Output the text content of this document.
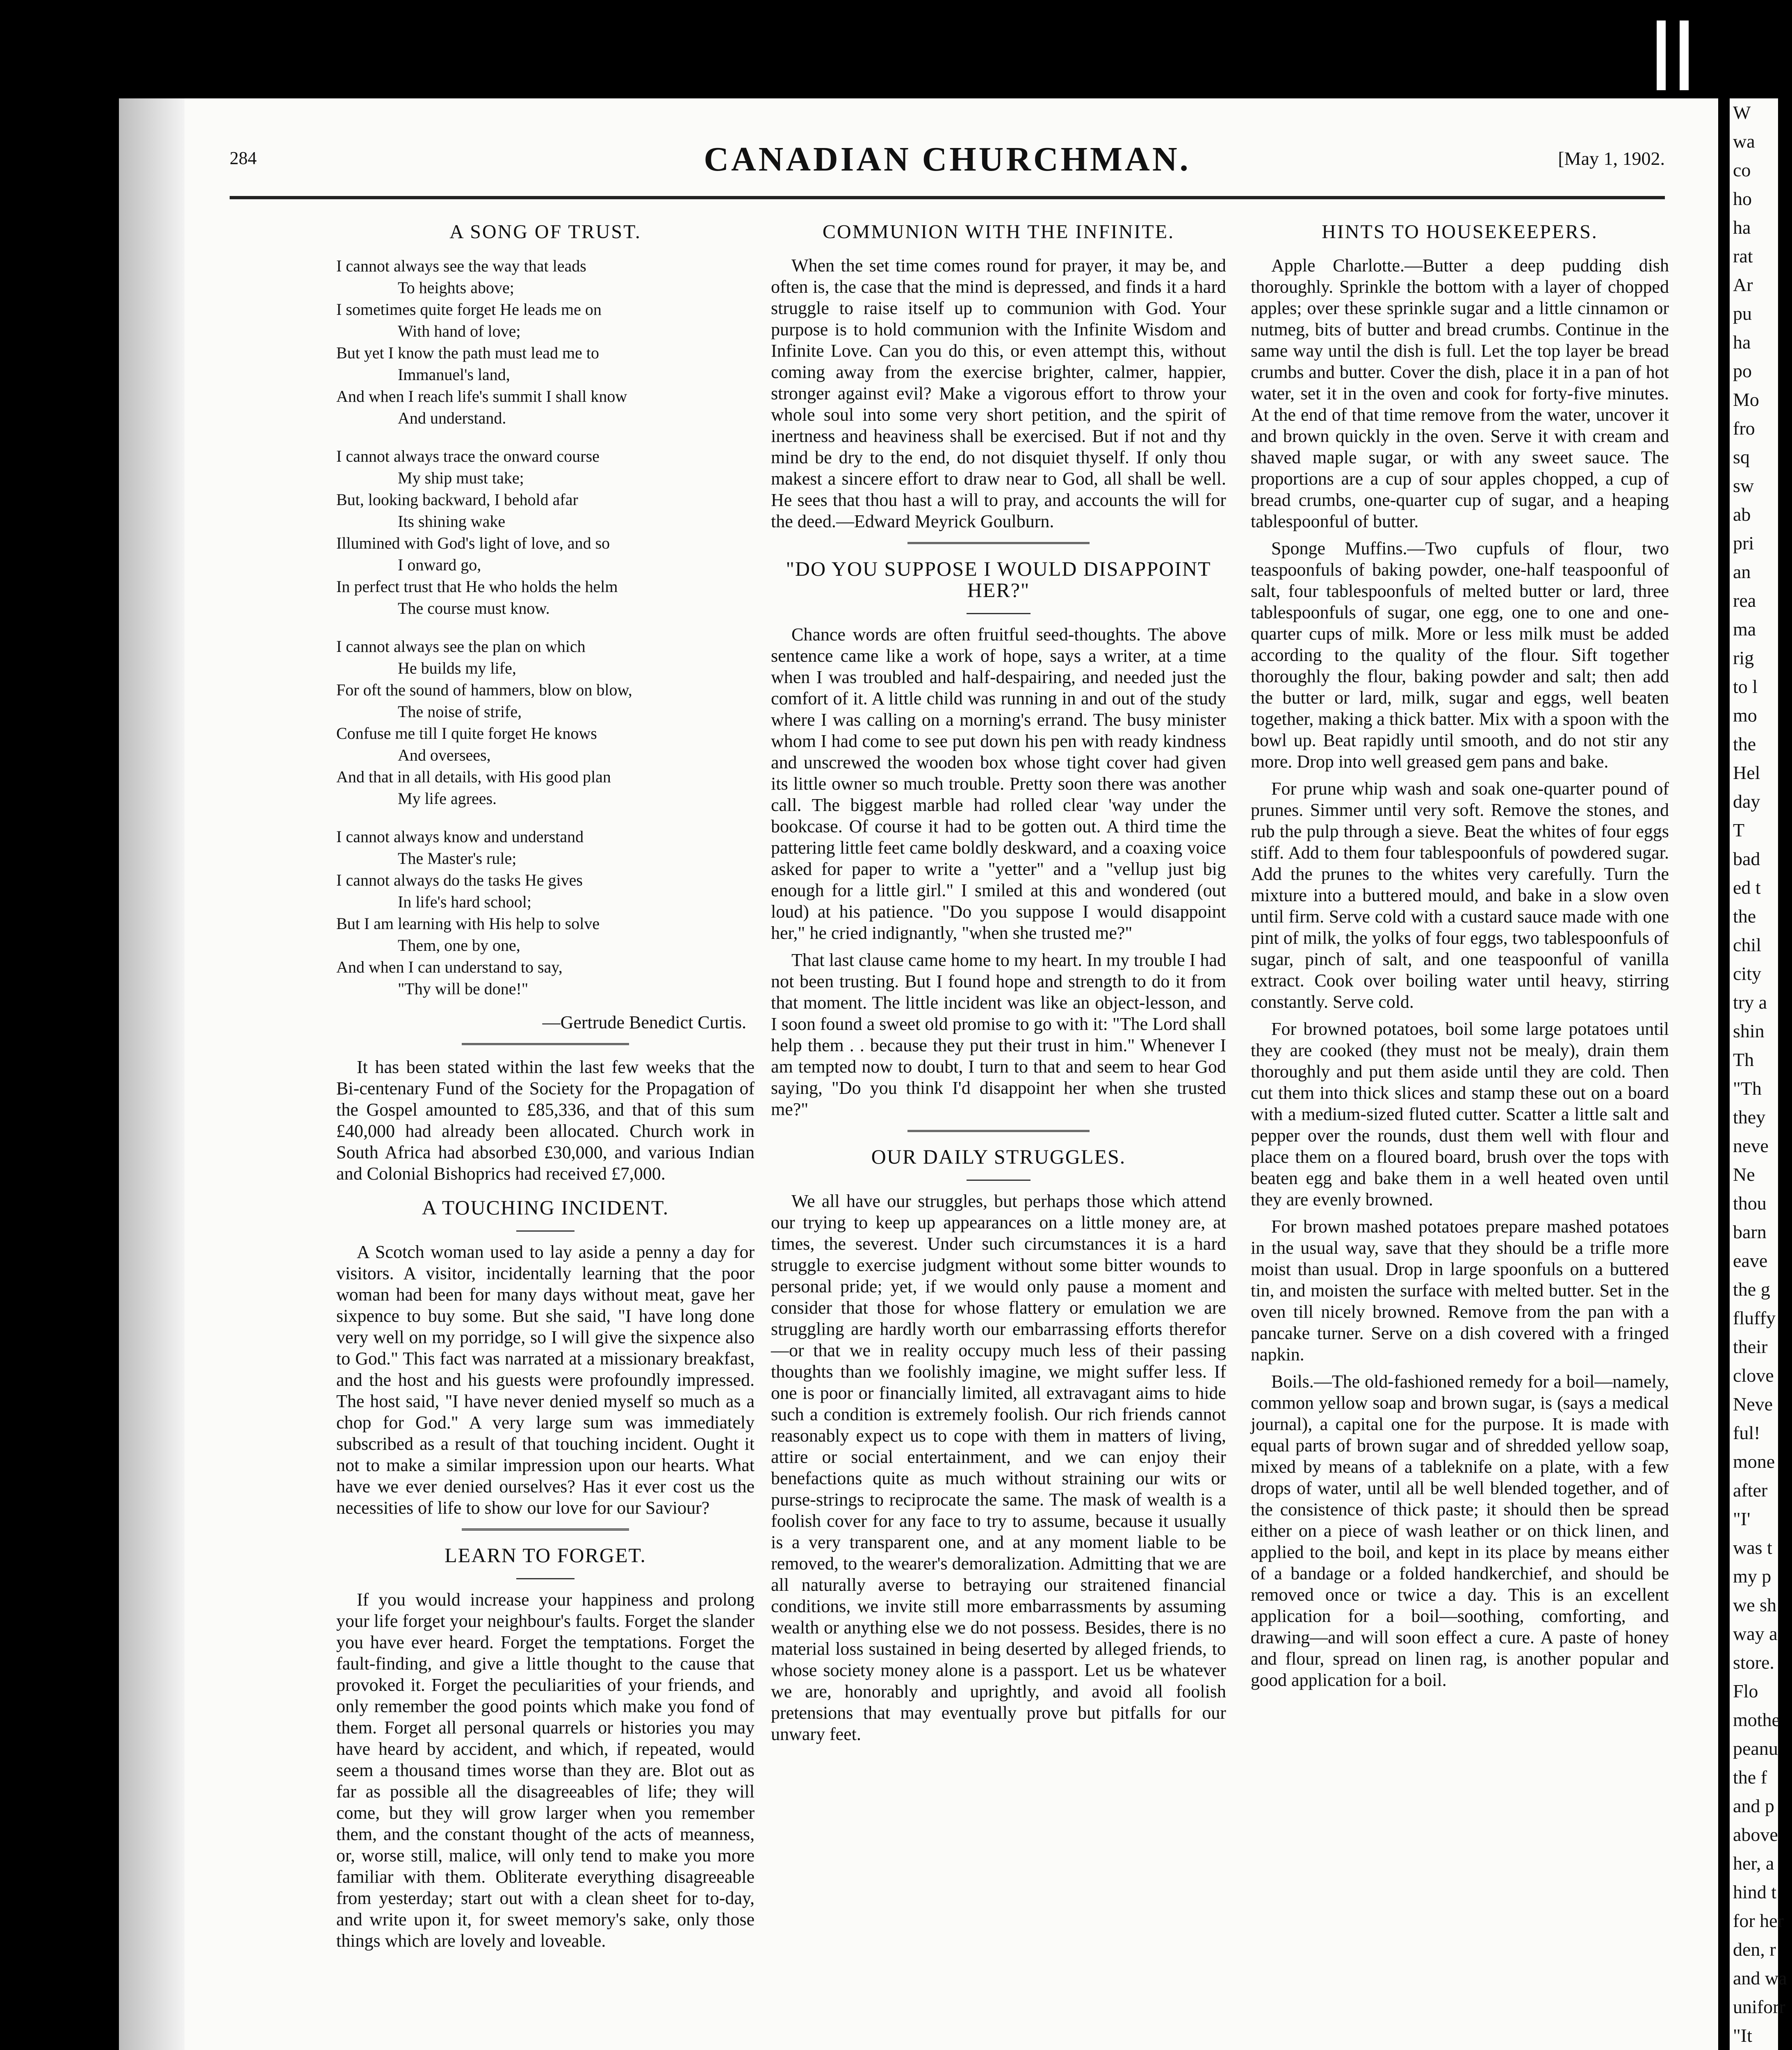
W
wa
co
ho
ha
rat
Ar
pu
ha
po
Mo
fro
sq
sw
ab
pri
an
rea
ma
rig
to l
mo
the
Hel
day
T
bad
ed t
the
chil
city
try a
shin
Th
"Th
they
neve
Ne
thou
barn
eave
the g
fluffy
their
clove
Neve
ful!
mone
after
"I'
was t
my p
we sh
way a
store.
Flo
mothe
peanu
the f
and p
above
her, a
hind t
for her
den, r
and wa
uniforr
"It
284	CANADIAN CHURCHMAN.	[May 1, 1902.
A SONG OF TRUST.
I cannot always see the way that leads
To heights above;
I sometimes quite forget He leads me on
With hand of love;
But yet I know the path must lead me to
Immanuel's land,
And when I reach life's summit I shall know
And understand.
I cannot always trace the onward course
My ship must take;
But, looking backward, I behold afar
Its shining wake
Illumined with God's light of love, and so
I onward go,
In perfect trust that He who holds the helm
The course must know.
I cannot always see the plan on which
He builds my life,
For oft the sound of hammers, blow on blow,
The noise of strife,
Confuse me till I quite forget He knows
And oversees,
And that in all details, with His good plan
My life agrees.
I cannot always know and understand
The Master's rule;
I cannot always do the tasks He gives
In life's hard school;
But I am learning with His help to solve
Them, one by one,
And when I can understand to say,
"Thy will be done!"
—Gertrude Benedict Curtis.

It has been stated within the last few weeks that the Bi-centenary Fund of the Society for the Propagation of the Gospel amounted to £85,336, and that of this sum £40,000 had already been allocated. Church work in South Africa had absorbed £30,000, and various Indian and Colonial Bishoprics had received £7,000.

A TOUCHING INCIDENT.

A Scotch woman used to lay aside a penny a day for visitors. A visitor, incidentally learning that the poor woman had been for many days without meat, gave her sixpence to buy some. But she said, "I have long done very well on my porridge, so I will give the sixpence also to God." This fact was narrated at a missionary breakfast, and the host and his guests were profoundly impressed. The host said, "I have never denied myself so much as a chop for God." A very large sum was immediately subscribed as a result of that touching incident. Ought it not to make a similar impression upon our hearts. What have we ever denied ourselves? Has it ever cost us the necessities of life to show our love for our Saviour?

LEARN TO FORGET.

If you would increase your happiness and prolong your life forget your neighbour's faults. Forget the slander you have ever heard. Forget the temptations. Forget the fault-finding, and give a little thought to the cause that provoked it. Forget the peculiarities of your friends, and only remember the good points which make you fond of them. Forget all personal quarrels or histories you may have heard by accident, and which, if repeated, would seem a thousand times worse than they are. Blot out as far as possible all the disagreeables of life; they will come, but they will grow larger when you remember them, and the constant thought of the acts of meanness, or, worse still, malice, will only tend to make you more familiar with them. Obliterate everything disagreeable from yesterday; start out with a clean sheet for to-day, and write upon it, for sweet memory's sake, only those things which are lovely and loveable.

COMMUNION WITH THE INFINITE.

When the set time comes round for prayer, it may be, and often is, the case that the mind is depressed, and finds it a hard struggle to raise itself up to communion with God. Your purpose is to hold communion with the Infinite Wisdom and Infinite Love. Can you do this, or even attempt this, without coming away from the exercise brighter, calmer, happier, stronger against evil? Make a vigorous effort to throw your whole soul into some very short petition, and the spirit of inertness and heaviness shall be exercised. But if not and thy mind be dry to the end, do not disquiet thyself. If only thou makest a sincere effort to draw near to God, all shall be well. He sees that thou hast a will to pray, and accounts the will for the deed.—Edward Meyrick Goulburn.

"DO YOU SUPPOSE I WOULD DISAPPOINT HER?"

Chance words are often fruitful seed-thoughts. The above sentence came like a work of hope, says a writer, at a time when I was troubled and half-despairing, and needed just the comfort of it. A little child was running in and out of the study where I was calling on a morning's errand. The busy minister whom I had come to see put down his pen with ready kindness and unscrewed the wooden box whose tight cover had given its little owner so much trouble. Pretty soon there was another call. The biggest marble had rolled clear 'way under the bookcase. Of course it had to be gotten out. A third time the pattering little feet came boldly deskward, and a coaxing voice asked for paper to write a "yetter" and a "vellup just big enough for a little girl." I smiled at this and wondered (out loud) at his patience. "Do you suppose I would disappoint her," he cried indignantly, "when she trusted me?"

That last clause came home to my heart. In my trouble I had not been trusting. But I found hope and strength to do it from that moment. The little incident was like an object-lesson, and I soon found a sweet old promise to go with it: "The Lord shall help them . . because they put their trust in him." Whenever I am tempted now to doubt, I turn to that and seem to hear God saying, "Do you think I'd disappoint her when she trusted me?"

OUR DAILY STRUGGLES.

We all have our struggles, but perhaps those which attend our trying to keep up appearances on a little money are, at times, the severest. Under such circumstances it is a hard struggle to exercise judgment without some bitter wounds to personal pride; yet, if we would only pause a moment and consider that those for whose flattery or emulation we are struggling are hardly worth our embarrassing efforts therefor—or that we in reality occupy much less of their passing thoughts than we foolishly imagine, we might suffer less. If one is poor or financially limited, all extravagant aims to hide such a condition is extremely foolish. Our rich friends cannot reasonably expect us to cope with them in matters of living, attire or social entertainment, and we can enjoy their benefactions quite as much without straining our wits or purse-strings to reciprocate the same. The mask of wealth is a foolish cover for any face to try to assume, because it usually is a very transparent one, and at any moment liable to be removed, to the wearer's demoralization. Admitting that we are all naturally averse to betraying our straitened financial conditions, we invite still more embarrassments by assuming wealth or anything else we do not possess. Besides, there is no material loss sustained in being deserted by alleged friends, to whose society money alone is a passport. Let us be whatever we are, honorably and uprightly, and avoid all foolish pretensions that may eventually prove but pitfalls for our unwary feet.

HINTS TO HOUSEKEEPERS.

Apple Charlotte.—Butter a deep pudding dish thoroughly. Sprinkle the bottom with a layer of chopped apples; over these sprinkle sugar and a little cinnamon or nutmeg, bits of butter and bread crumbs. Continue in the same way until the dish is full. Let the top layer be bread crumbs and butter. Cover the dish, place it in a pan of hot water, set it in the oven and cook for forty-five minutes. At the end of that time remove from the water, uncover it and brown quickly in the oven. Serve it with cream and shaved maple sugar, or with any sweet sauce. The proportions are a cup of sour apples chopped, a cup of bread crumbs, one-quarter cup of sugar, and a heaping tablespoonful of butter.

Sponge Muffins.—Two cupfuls of flour, two teaspoonfuls of baking powder, one-half teaspoonful of salt, four tablespoonfuls of melted butter or lard, three tablespoonfuls of sugar, one egg, one to one and one-quarter cups of milk. More or less milk must be added according to the quality of the flour. Sift together thoroughly the flour, baking powder and salt; then add the butter or lard, milk, sugar and eggs, well beaten together, making a thick batter. Mix with a spoon with the bowl up. Beat rapidly until smooth, and do not stir any more. Drop into well greased gem pans and bake.

For prune whip wash and soak one-quarter pound of prunes. Simmer until very soft. Remove the stones, and rub the pulp through a sieve. Beat the whites of four eggs stiff. Add to them four tablespoonfuls of powdered sugar. Add the prunes to the whites very carefully. Turn the mixture into a buttered mould, and bake in a slow oven until firm. Serve cold with a custard sauce made with one pint of milk, the yolks of four eggs, two tablespoonfuls of sugar, pinch of salt, and one teaspoonful of vanilla extract. Cook over boiling water until heavy, stirring constantly. Serve cold.

For browned potatoes, boil some large potatoes until they are cooked (they must not be mealy), drain them thoroughly and put them aside until they are cold. Then cut them into thick slices and stamp these out on a board with a medium-sized fluted cutter. Scatter a little salt and pepper over the rounds, dust them well with flour and place them on a floured board, brush over the tops with beaten egg and bake them in a well heated oven until they are evenly browned.

For brown mashed potatoes prepare mashed potatoes in the usual way, save that they should be a trifle more moist than usual. Drop in large spoonfuls on a buttered tin, and moisten the surface with melted butter. Set in the oven till nicely browned. Remove from the pan with a pancake turner. Serve on a dish covered with a fringed napkin.

Boils.—The old-fashioned remedy for a boil—namely, common yellow soap and brown sugar, is (says a medical journal), a capital one for the purpose. It is made with equal parts of brown sugar and of shredded yellow soap, mixed by means of a tableknife on a plate, with a few drops of water, until all be well blended together, and of the consistence of thick paste; it should then be spread either on a piece of wash leather or on thick linen, and applied to the boil, and kept in its place by means either of a bandage or a folded handkerchief, and should be removed once or twice a day. This is an excellent application for a boil—soothing, comforting, and drawing—and will soon effect a cure. A paste of honey and flour, spread on linen rag, is another popular and good application for a boil.
